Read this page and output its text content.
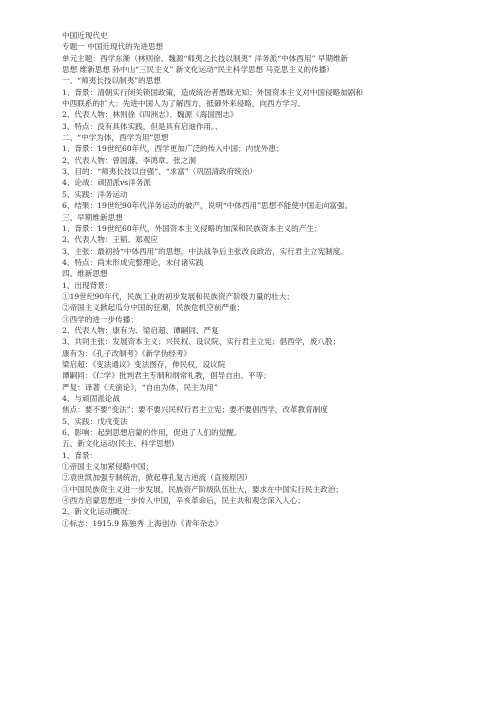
中国近现代史
专题一 中国近现代的先进思想
单元主题：西学东渐（林则徐、魏源“师夷之长技以制夷” 洋务派“中体西用” 早期维新
思想 维新思想 孙中山“三民主义” 新文化运动“民主科学思想 马克思主义的传播）
一、“师夷长技以制夷”的思想
1、背景：清朝实行闭关锁国政策，造成统治者愚昧无知；外国资本主义对中国侵略加剧和
中西联系的扩大；先进中国人为了解西方，抵御外来侵略，向西方学习。
2、代表人物：林则徐《四洲志》、魏源《海国图志》
3、特点：没有具体实践，但是具有启迪作用。、
二、“中学为体，西学为用”思想
1、背景：19世纪60年代，西学更加广泛的传入中国；内忧外患；
2、代表人物：曾国藩、李鸿章、张之洞
3、目的：“师夷长技以自强”、“求富”（巩固清政府统治）
4、论战：顽固派vs洋务派
5、实践：洋务运动
6、结果：19世纪90年代洋务运动的破产，说明“中体西用”思想不能使中国走向富强。
三、早期维新思想
1、背景：19世纪60年代，外国资本主义侵略的加深和民族资本主义的产生；
2、代表人物：王韬、郑观应
3、主张：最初持“中体西用”的思想，中法战争后主张改良政治，实行君主立宪制度。
4、特点：尚未形成完整理论，未付诸实践
四、维新思想
1、出现背景：
①19世纪90年代，民族工业的初步发展和民族资产阶级力量的壮大；
②帝国主义掀起瓜分中国的狂潮，民族危机空前严重；
③西学的进一步传播；
2、代表人物：康有为、梁启超、谭嗣同、严复
3、共同主张：发展资本主义；兴民权、设议院、实行君主立宪；倡西学，废八股；
康有为：《孔子改制考》《新学伪经考》
梁启超：《变法通议》变法图存，伸民权，设议院
谭嗣同：《仁学》批判君主专制和纲常礼教，倡导自由、平等；
严复：译著《天演论》，“自由为体，民主为用”
4、与顽固派论战
焦点：要不要“变法”；要不要兴民权行君主立宪；要不要倡西学，改革教育制度
5、实践：戊戌变法
6、影响：起到思想启蒙的作用，促进了人们的觉醒。
五、新文化运动(民主、科学思想)
1、背景：
①帝国主义加紧侵略中国；
②袁世凯加强专制统治，掀起尊孔复古逆流（直接原因）
③中国民族资主义进一步发展，民族资产阶级队伍壮大，要求在中国实行民主政治；
④西方启蒙思想进一步传入中国，辛亥革命后，民主共和观念深入人心；
2、新文化运动概况：
①标志：1915.9 陈独秀 上海创办《青年杂志》
